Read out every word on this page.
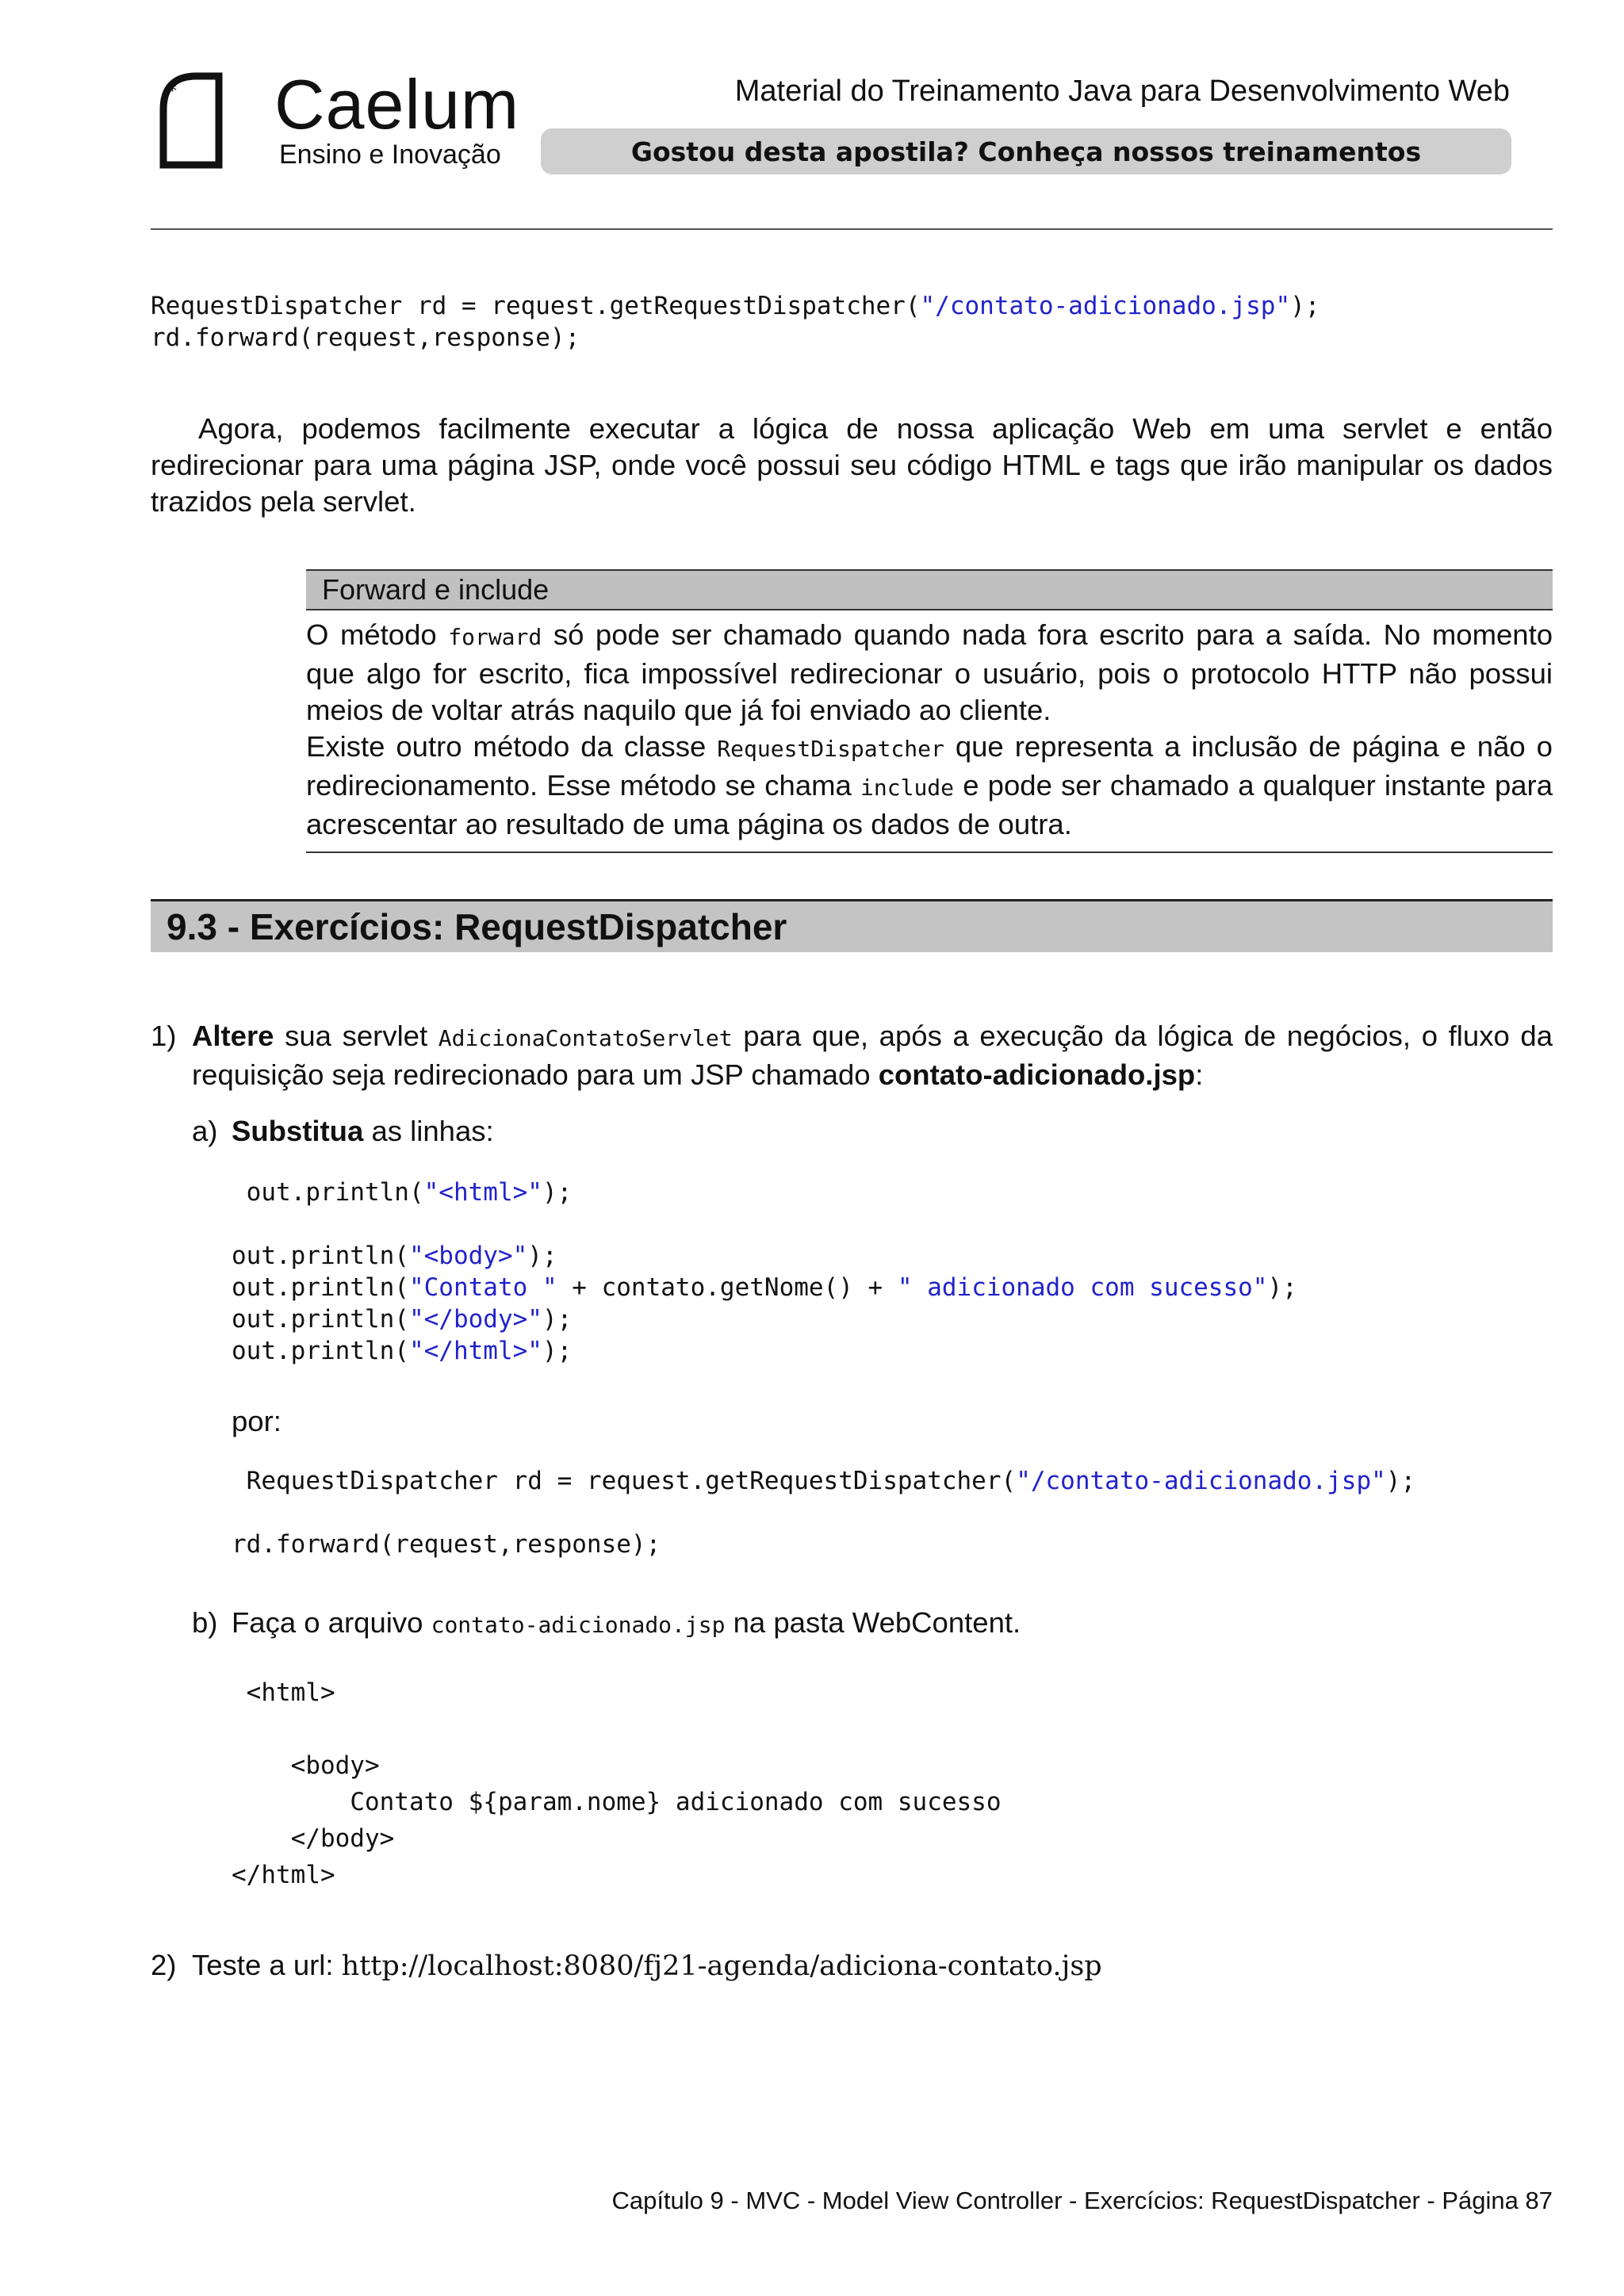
* Caelum
Ensino e Inovação
Material do Treinamento Java para Desenvolvimento Web
Gostou desta apostila? Conheça nossos treinamentos
RequestDispatcher rd = request.getRequestDispatcher("/contato-adicionado.jsp");
rd.forward(request,response);
Agora, podemos facilmente executar a lógica de nossa aplicação Web em uma servlet e então redirecionar para uma página JSP, onde você possui seu código HTML e tags que irão manipular os dados trazidos pela servlet.
Forward e include
O método forward só pode ser chamado quando nada fora escrito para a saída. No momento que algo for escrito, fica impossível redirecionar o usuário, pois o protocolo HTTP não possui meios de voltar atrás naquilo que já foi enviado ao cliente.
Existe outro método da classe RequestDispatcher que representa a inclusão de página e não o redirecionamento. Esse método se chama include e pode ser chamado a qualquer instante para acrescentar ao resultado de uma página os dados de outra.
9.3 - Exercícios: RequestDispatcher
1) Altere sua servlet AdicionaContatoServlet para que, após a execução da lógica de negócios, o fluxo da requisição seja redirecionado para um JSP chamado contato-adicionado.jsp:
a) Substitua as linhas:
out.println("<html>");

out.println("<body>");
out.println("Contato " + contato.getNome() + " adicionado com sucesso");
out.println("</body>");
out.println("</html>");
por:
RequestDispatcher rd = request.getRequestDispatcher("/contato-adicionado.jsp");

rd.forward(request,response);
b) Faça o arquivo contato-adicionado.jsp na pasta WebContent.
<html>

<body>
Contato ${param.nome} adicionado com sucesso
</body>
</html>
2) Teste a url: http://localhost:8080/fj21-agenda/adiciona-contato.jsp
Capítulo 9 - MVC - Model View Controller - Exercícios: RequestDispatcher - Página 87
